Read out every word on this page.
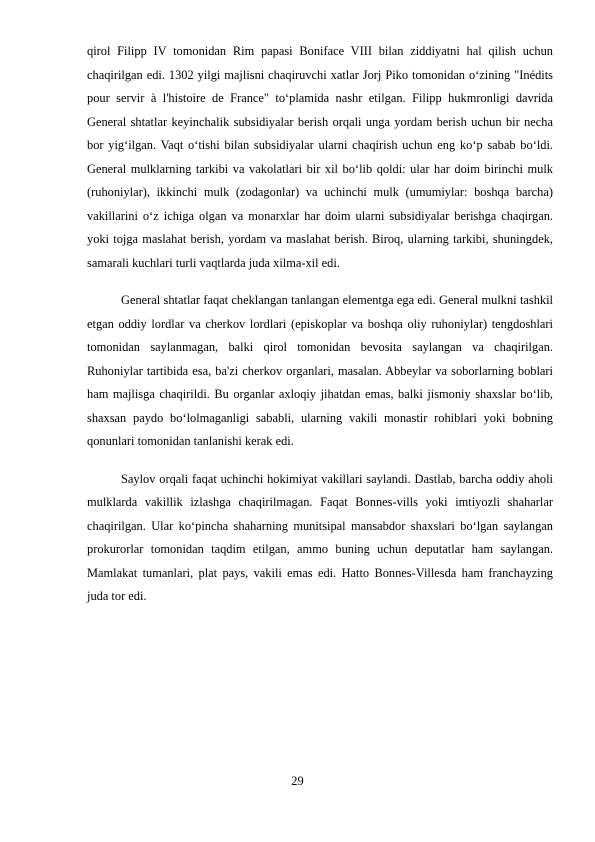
qirol Filipp IV tomonidan Rim papasi Boniface VIII bilan ziddiyatni hal qilish uchun chaqirilgan edi. 1302 yilgi majlisni chaqiruvchi xatlar Jorj Piko tomonidan o‘zining "Inédits pour servir à l'histoire de France" to‘plamida nashr etilgan. Filipp hukmronligi davrida General shtatlar keyinchalik subsidiyalar berish orqali unga yordam berish uchun bir necha bor yig‘ilgan. Vaqt o‘tishi bilan subsidiyalar ularni chaqirish uchun eng ko‘p sabab bo‘ldi. General mulklarning tarkibi va vakolatlari bir xil bo‘lib qoldi: ular har doim birinchi mulk (ruhoniylar), ikkinchi mulk (zodagonlar) va uchinchi mulk (umumiylar: boshqa barcha) vakillarini o‘z ichiga olgan va monarxlar har doim ularni subsidiyalar berishga chaqirgan. yoki tojga maslahat berish, yordam va maslahat berish. Biroq, ularning tarkibi, shuningdek, samarali kuchlari turli vaqtlarda juda xilma-xil edi.

General shtatlar faqat cheklangan tanlangan elementga ega edi. General mulkni tashkil etgan oddiy lordlar va cherkov lordlari (episkoplar va boshqa oliy ruhoniylar) tengdoshlari tomonidan saylanmagan, balki qirol tomonidan bevosita saylangan va chaqirilgan. Ruhoniylar tartibida esa, ba'zi cherkov organlari, masalan. Abbeylar va soborlarning boblari ham majlisga chaqirildi. Bu organlar axloqiy jihatdan emas, balki jismoniy shaxslar bo‘lib, shaxsan paydo bo‘lolmaganligi sababli, ularning vakili monastir rohiblari yoki bobning qonunlari tomonidan tanlanishi kerak edi.

Saylov orqali faqat uchinchi hokimiyat vakillari saylandi. Dastlab, barcha oddiy aholi mulklarda vakillik izlashga chaqirilmagan. Faqat Bonnes-vills yoki imtiyozli shaharlar chaqirilgan. Ular ko‘pincha shaharning munitsipal mansabdor shaxslari bo‘lgan saylangan prokurorlar tomonidan taqdim etilgan, ammo buning uchun deputatlar ham saylangan. Mamlakat tumanlari, plat pays, vakili emas edi. Hatto Bonnes-Villesda ham franchayzing juda tor edi.

29
